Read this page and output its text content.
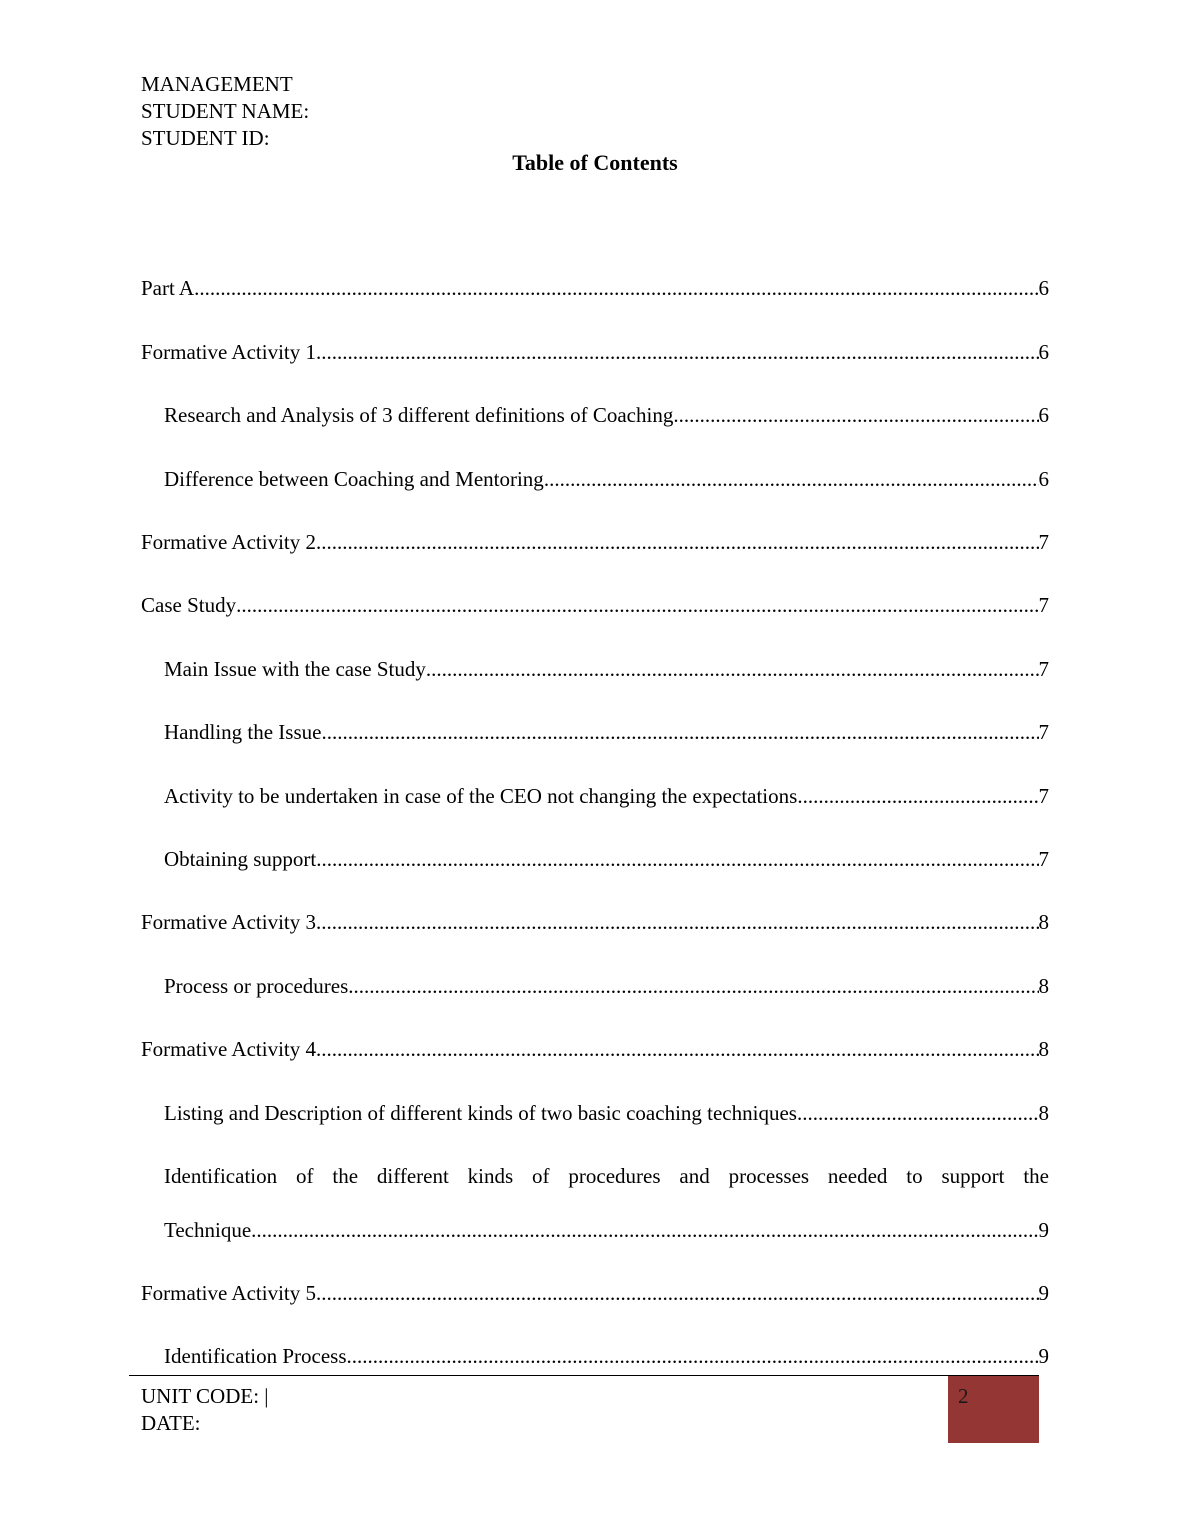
MANAGEMENT
STUDENT NAME:
STUDENT ID:
Table of Contents
Part A .....	6
Formative Activity 1 .....	6
Research and Analysis of 3 different definitions of Coaching .....	6
Difference between Coaching and Mentoring .....	6
Formative Activity 2 .....	7
Case Study .....	7
Main Issue with the case Study .....	7
Handling the Issue .....	7
Activity to be undertaken in case of the CEO not changing the expectations .....	7
Obtaining support .....	7
Formative Activity 3 .....	8
Process or procedures .....	8
Formative Activity 4 .....	8
Listing and Description of different kinds of two basic coaching techniques .....	8
Identification of the different kinds of procedures and processes needed to support the
Technique .....	9
Formative Activity 5 .....	9
Identification Process .....	9
UNIT CODE: |
DATE:
2
